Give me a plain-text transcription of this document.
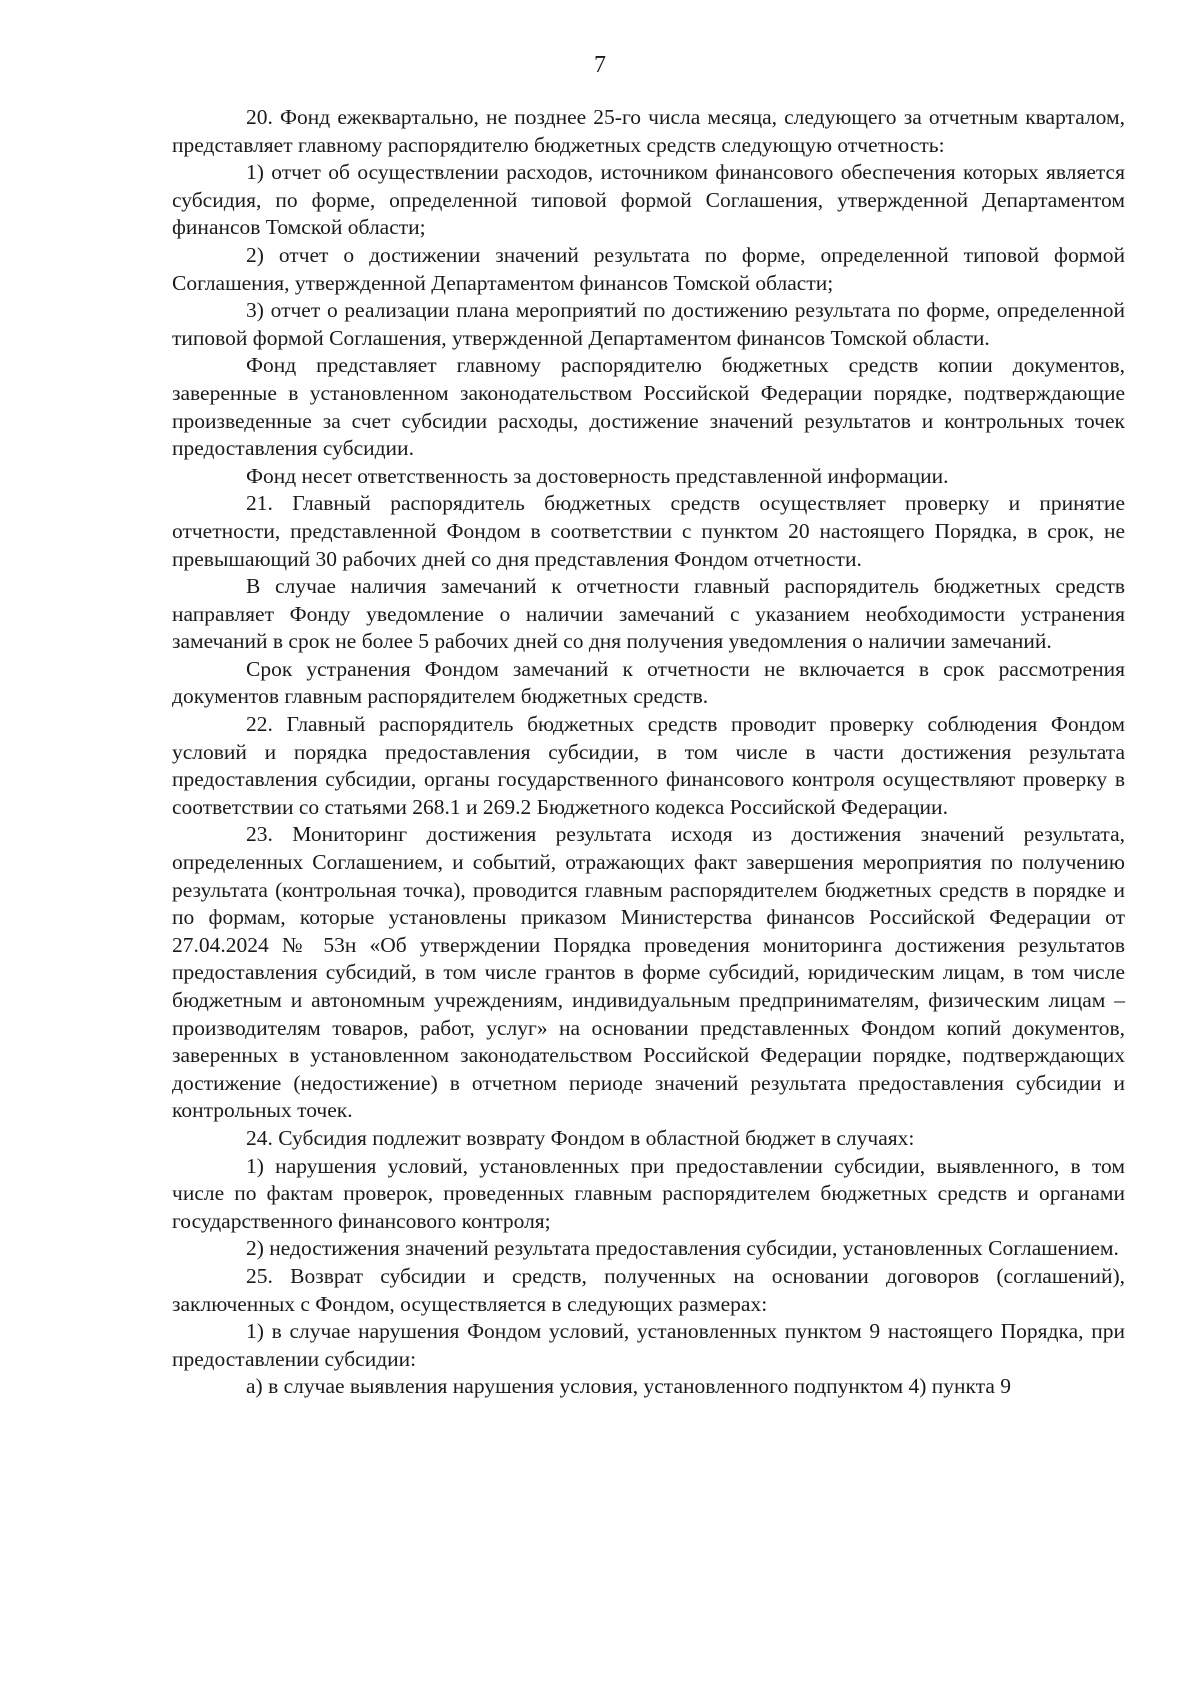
7

20. Фонд ежеквартально, не позднее 25-го числа месяца, следующего за отчетным кварталом, представляет главному распорядителю бюджетных средств следующую отчетность:

1) отчет об осуществлении расходов, источником финансового обеспечения которых является субсидия, по форме, определенной типовой формой Соглашения, утвержденной Департаментом финансов Томской области;

2) отчет о достижении значений результата по форме, определенной типовой формой Соглашения, утвержденной Департаментом финансов Томской области;

3) отчет о реализации плана мероприятий по достижению результата по форме, определенной типовой формой Соглашения, утвержденной Департаментом финансов Томской области.

Фонд представляет главному распорядителю бюджетных средств копии документов, заверенные в установленном законодательством Российской Федерации порядке, подтверждающие произведенные за счет субсидии расходы, достижение значений результатов и контрольных точек предоставления субсидии.

Фонд несет ответственность за достоверность представленной информации.

21. Главный распорядитель бюджетных средств осуществляет проверку и принятие отчетности, представленной Фондом в соответствии с пунктом 20 настоящего Порядка, в срок, не превышающий 30 рабочих дней со дня представления Фондом отчетности.

В случае наличия замечаний к отчетности главный распорядитель бюджетных средств направляет Фонду уведомление о наличии замечаний с указанием необходимости устранения замечаний в срок не более 5 рабочих дней со дня получения уведомления о наличии замечаний.

Срок устранения Фондом замечаний к отчетности не включается в срок рассмотрения документов главным распорядителем бюджетных средств.

22. Главный распорядитель бюджетных средств проводит проверку соблюдения Фондом условий и порядка предоставления субсидии, в том числе в части достижения результата предоставления субсидии, органы государственного финансового контроля осуществляют проверку в соответствии со статьями 268.1 и 269.2 Бюджетного кодекса Российской Федерации.

23. Мониторинг достижения результата исходя из достижения значений результата, определенных Соглашением, и событий, отражающих факт завершения мероприятия по получению результата (контрольная точка), проводится главным распорядителем бюджетных средств в порядке и по формам, которые установлены приказом Министерства финансов Российской Федерации от 27.04.2024 № 53н «Об утверждении Порядка проведения мониторинга достижения результатов предоставления субсидий, в том числе грантов в форме субсидий, юридическим лицам, в том числе бюджетным и автономным учреждениям, индивидуальным предпринимателям, физическим лицам – производителям товаров, работ, услуг» на основании представленных Фондом копий документов, заверенных в установленном законодательством Российской Федерации порядке, подтверждающих достижение (недостижение) в отчетном периоде значений результата предоставления субсидии и контрольных точек.

24. Субсидия подлежит возврату Фондом в областной бюджет в случаях:

1) нарушения условий, установленных при предоставлении субсидии, выявленного, в том числе по фактам проверок, проведенных главным распорядителем бюджетных средств и органами государственного финансового контроля;

2) недостижения значений результата предоставления субсидии, установленных Соглашением.

25. Возврат субсидии и средств, полученных на основании договоров (соглашений), заключенных с Фондом, осуществляется в следующих размерах:

1) в случае нарушения Фондом условий, установленных пунктом 9 настоящего Порядка, при предоставлении субсидии:

а) в случае выявления нарушения условия, установленного подпунктом 4) пункта 9
